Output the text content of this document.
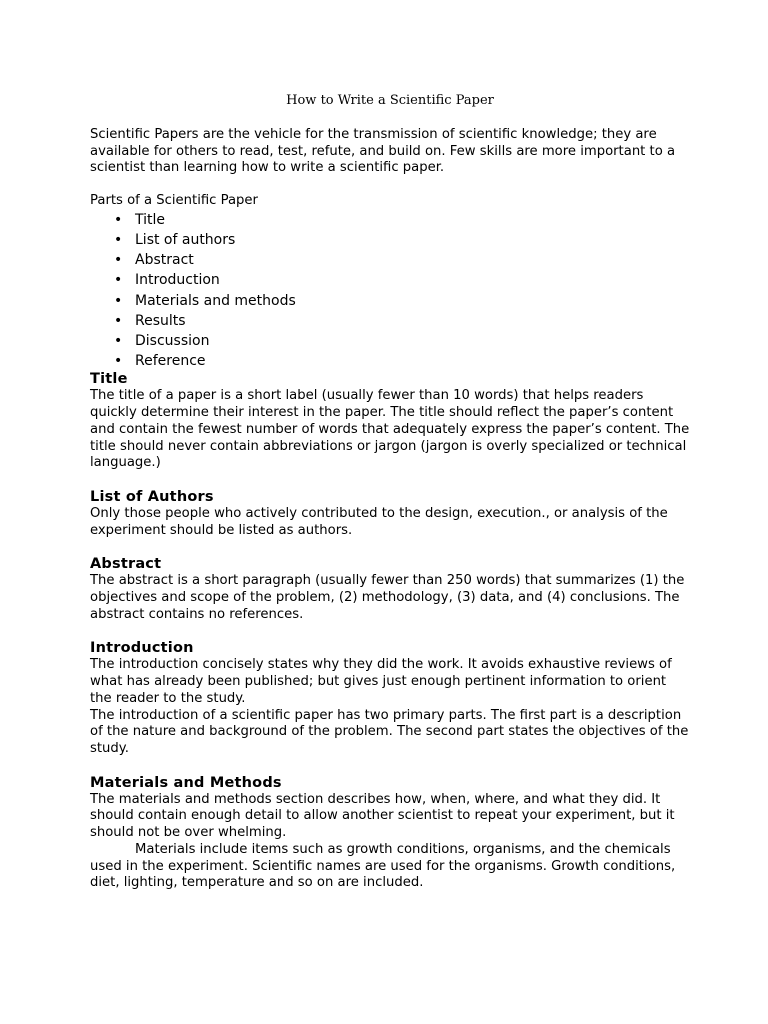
How to Write a Scientific Paper

Scientific Papers are the vehicle for the transmission of scientific knowledge; they are available for others to read, test, refute, and build on. Few skills are more important to a scientist than learning how to write a scientific paper.

Parts of a Scientific Paper

• Title
• List of authors
• Abstract
• Introduction
• Materials and methods
• Results
• Discussion
• Reference
Title

The title of a paper is a short label (usually fewer than 10 words) that helps readers quickly determine their interest in the paper. The title should reflect the paper’s content and contain the fewest number of words that adequately express the paper’s content. The title should never contain abbreviations or jargon (jargon is overly specialized or technical language.)

List of Authors

Only those people who actively contributed to the design, execution., or analysis of the experiment should be listed as authors.

Abstract

The abstract is a short paragraph (usually fewer than 250 words) that summarizes (1) the objectives and scope of the problem, (2) methodology, (3) data, and (4) conclusions. The abstract contains no references.

Introduction

The introduction concisely states why they did the work. It avoids exhaustive reviews of what has already been published; but gives just enough pertinent information to orient the reader to the study.

The introduction of a scientific paper has two primary parts. The first part is a description of the nature and background of the problem. The second part states the objectives of the study.

Materials and Methods

The materials and methods section describes how, when, where, and what they did. It should contain enough detail to allow another scientist to repeat your experiment, but it should not be over whelming.

Materials include items such as growth conditions, organisms, and the chemicals used in the experiment. Scientific names are used for the organisms. Growth conditions, diet, lighting, temperature and so on are included.
